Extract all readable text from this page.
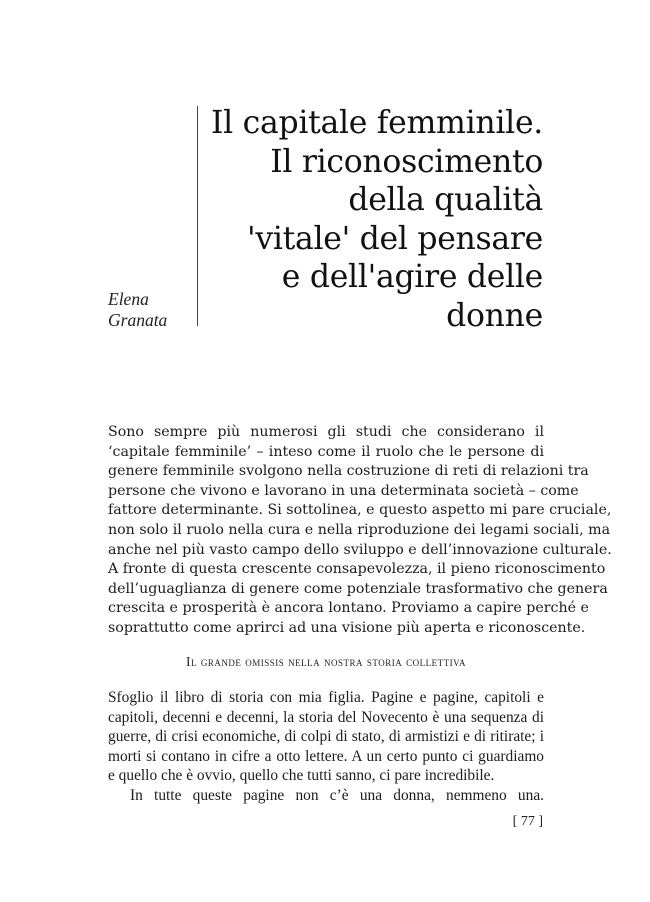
Elena
Granata
Il capitale femminile.
Il riconoscimento
della qualità
'vitale' del pensare
e dell'agire delle
donne
Sono sempre più numerosi gli studi che considerano il
‘capitale femminile’ – inteso come il ruolo che le persone di
genere femminile svolgono nella costruzione di reti di relazioni tra
persone che vivono e lavorano in una determinata società – come
fattore determinante. Si sottolinea, e questo aspetto mi pare cruciale,
non solo il ruolo nella cura e nella riproduzione dei legami sociali, ma
anche nel più vasto campo dello sviluppo e dell’innovazione culturale.
A fronte di questa crescente consapevolezza, il pieno riconoscimento
dell’uguaglianza di genere come potenziale trasformativo che genera
crescita e prosperità è ancora lontano. Proviamo a capire perché e
soprattutto come aprirci ad una visione più aperta e riconoscente.
Il grande omissis nella nostra storia collettiva
Sfoglio il libro di storia con mia figlia. Pagine e pagine, capitoli e
capitoli, decenni e decenni, la storia del Novecento è una sequenza di
guerre, di crisi economiche, di colpi di stato, di armistizi e di ritirate; i
morti si contano in cifre a otto lettere. A un certo punto ci guardiamo
e quello che è ovvio, quello che tutti sanno, ci pare incredibile.
In tutte queste pagine non c’è una donna, nemmeno una.
[ 77 ]
